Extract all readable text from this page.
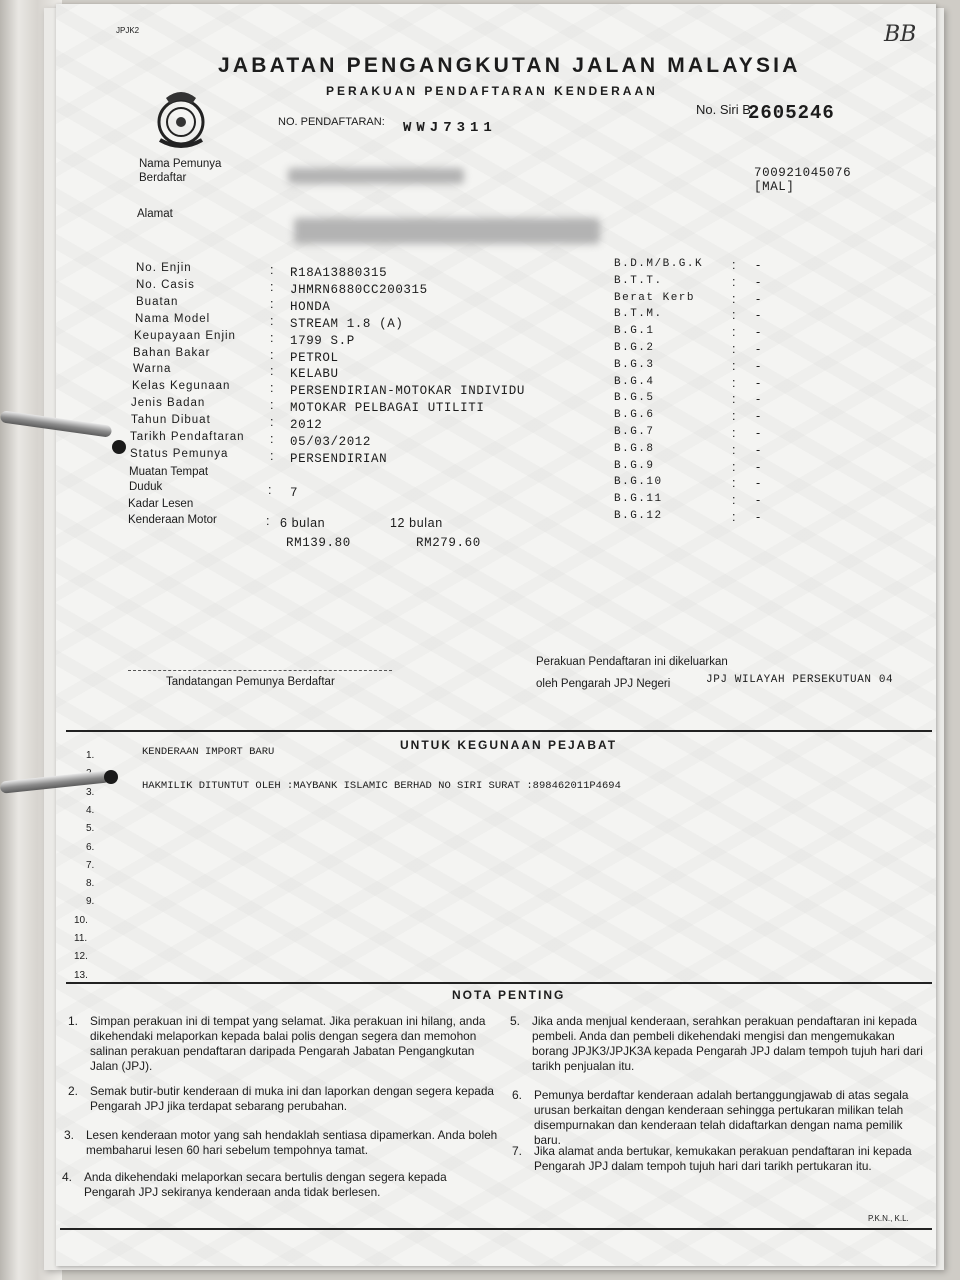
JPJK2	BB
JABATAN PENGANGKUTAN JALAN MALAYSIA
PERAKUAN PENDAFTARAN KENDERAAN
No. Siri B
2605246
NO. PENDAFTARAN: WWJ7311
Nama Pemunya
Berdaftar	700921045076
[MAL]
Alamat
No. Enjin	: R18A13880315
No. Casis	: JHMRN6880CC200315
Buatan	: HONDA
Nama Model	: STREAM 1.8 (A)
Keupayaan Enjin	: 1799 S.P
Bahan Bakar	: PETROL
Warna	: KELABU
Kelas Kegunaan	: PERSENDIRIAN-MOTOKAR INDIVIDU
Jenis Badan	: MOTOKAR PELBAGAI UTILITI
Tahun Dibuat	: 2012
Tarikh Pendaftaran : 05/03/2012
Status Pemunya	: PERSENDIRIAN
Muatan Tempat
Duduk	: 7
Kadar Lesen
Kenderaan Motor	: 6 bulan	12 bulan
RM139.80	RM279.60
B.D.M/B.G.K : -
B.T.T.	: -
Berat Kerb	: -
B.T.M.	: -
B.G.1	: -
B.G.2	: -
B.G.3	: -
B.G.4	: -
B.G.5	: -
B.G.6	: -
B.G.7	: -
B.G.8	: -
B.G.9	: -
B.G.10	: -
B.G.11	: -
B.G.12	: -
Tandatangan Pemunya Berdaftar
Perakuan Pendaftaran ini dikeluarkan
oleh Pengarah JPJ Negeri	JPJ WILAYAH PERSEKUTUAN 04
UNTUK KEGUNAAN PEJABAT
KENDERAAN IMPORT BARU
HAKMILIK DITUNTUT OLEH :MAYBANK ISLAMIC BERHAD NO SIRI SURAT :898462011P4694
1.
3.
4.
5.
6.
7.
8.
9.
10.
11.
12.
13.
NOTA PENTING
1. Simpan perakuan ini di tempat yang selamat. Jika perakuan ini hilang, anda dikehendaki melaporkan kepada balai polis dengan segera dan memohon salinan perakuan pendaftaran daripada Pengarah Jabatan Pengangkutan Jalan (JPJ).
2. Semak butir-butir kenderaan di muka ini dan laporkan dengan segera kepada Pengarah JPJ jika terdapat sebarang perubahan.
3. Lesen kenderaan motor yang sah hendaklah sentiasa dipamerkan. Anda boleh membaharui lesen 60 hari sebelum tempohnya tamat.
4. Anda dikehendaki melaporkan secara bertulis dengan segera kepada Pengarah JPJ sekiranya kenderaan anda tidak berlesen.
5. Jika anda menjual kenderaan, serahkan perakuan pendaftaran ini kepada pembeli. Anda dan pembeli dikehendaki mengisi dan mengemukakan borang JPJK3/JPJK3A kepada Pengarah JPJ dalam tempoh tujuh hari dari tarikh penjualan itu.
6. Pemunya berdaftar kenderaan adalah bertanggungjawab di atas segala urusan berkaitan dengan kenderaan sehingga pertukaran milikan telah disempurnakan dan kenderaan telah didaftarkan dengan nama pemilik baru.
7. Jika alamat anda bertukar, kemukakan perakuan pendaftaran ini kepada Pengarah JPJ dalam tempoh tujuh hari dari tarikh pertukaran itu.
P.K.N., K.L.
